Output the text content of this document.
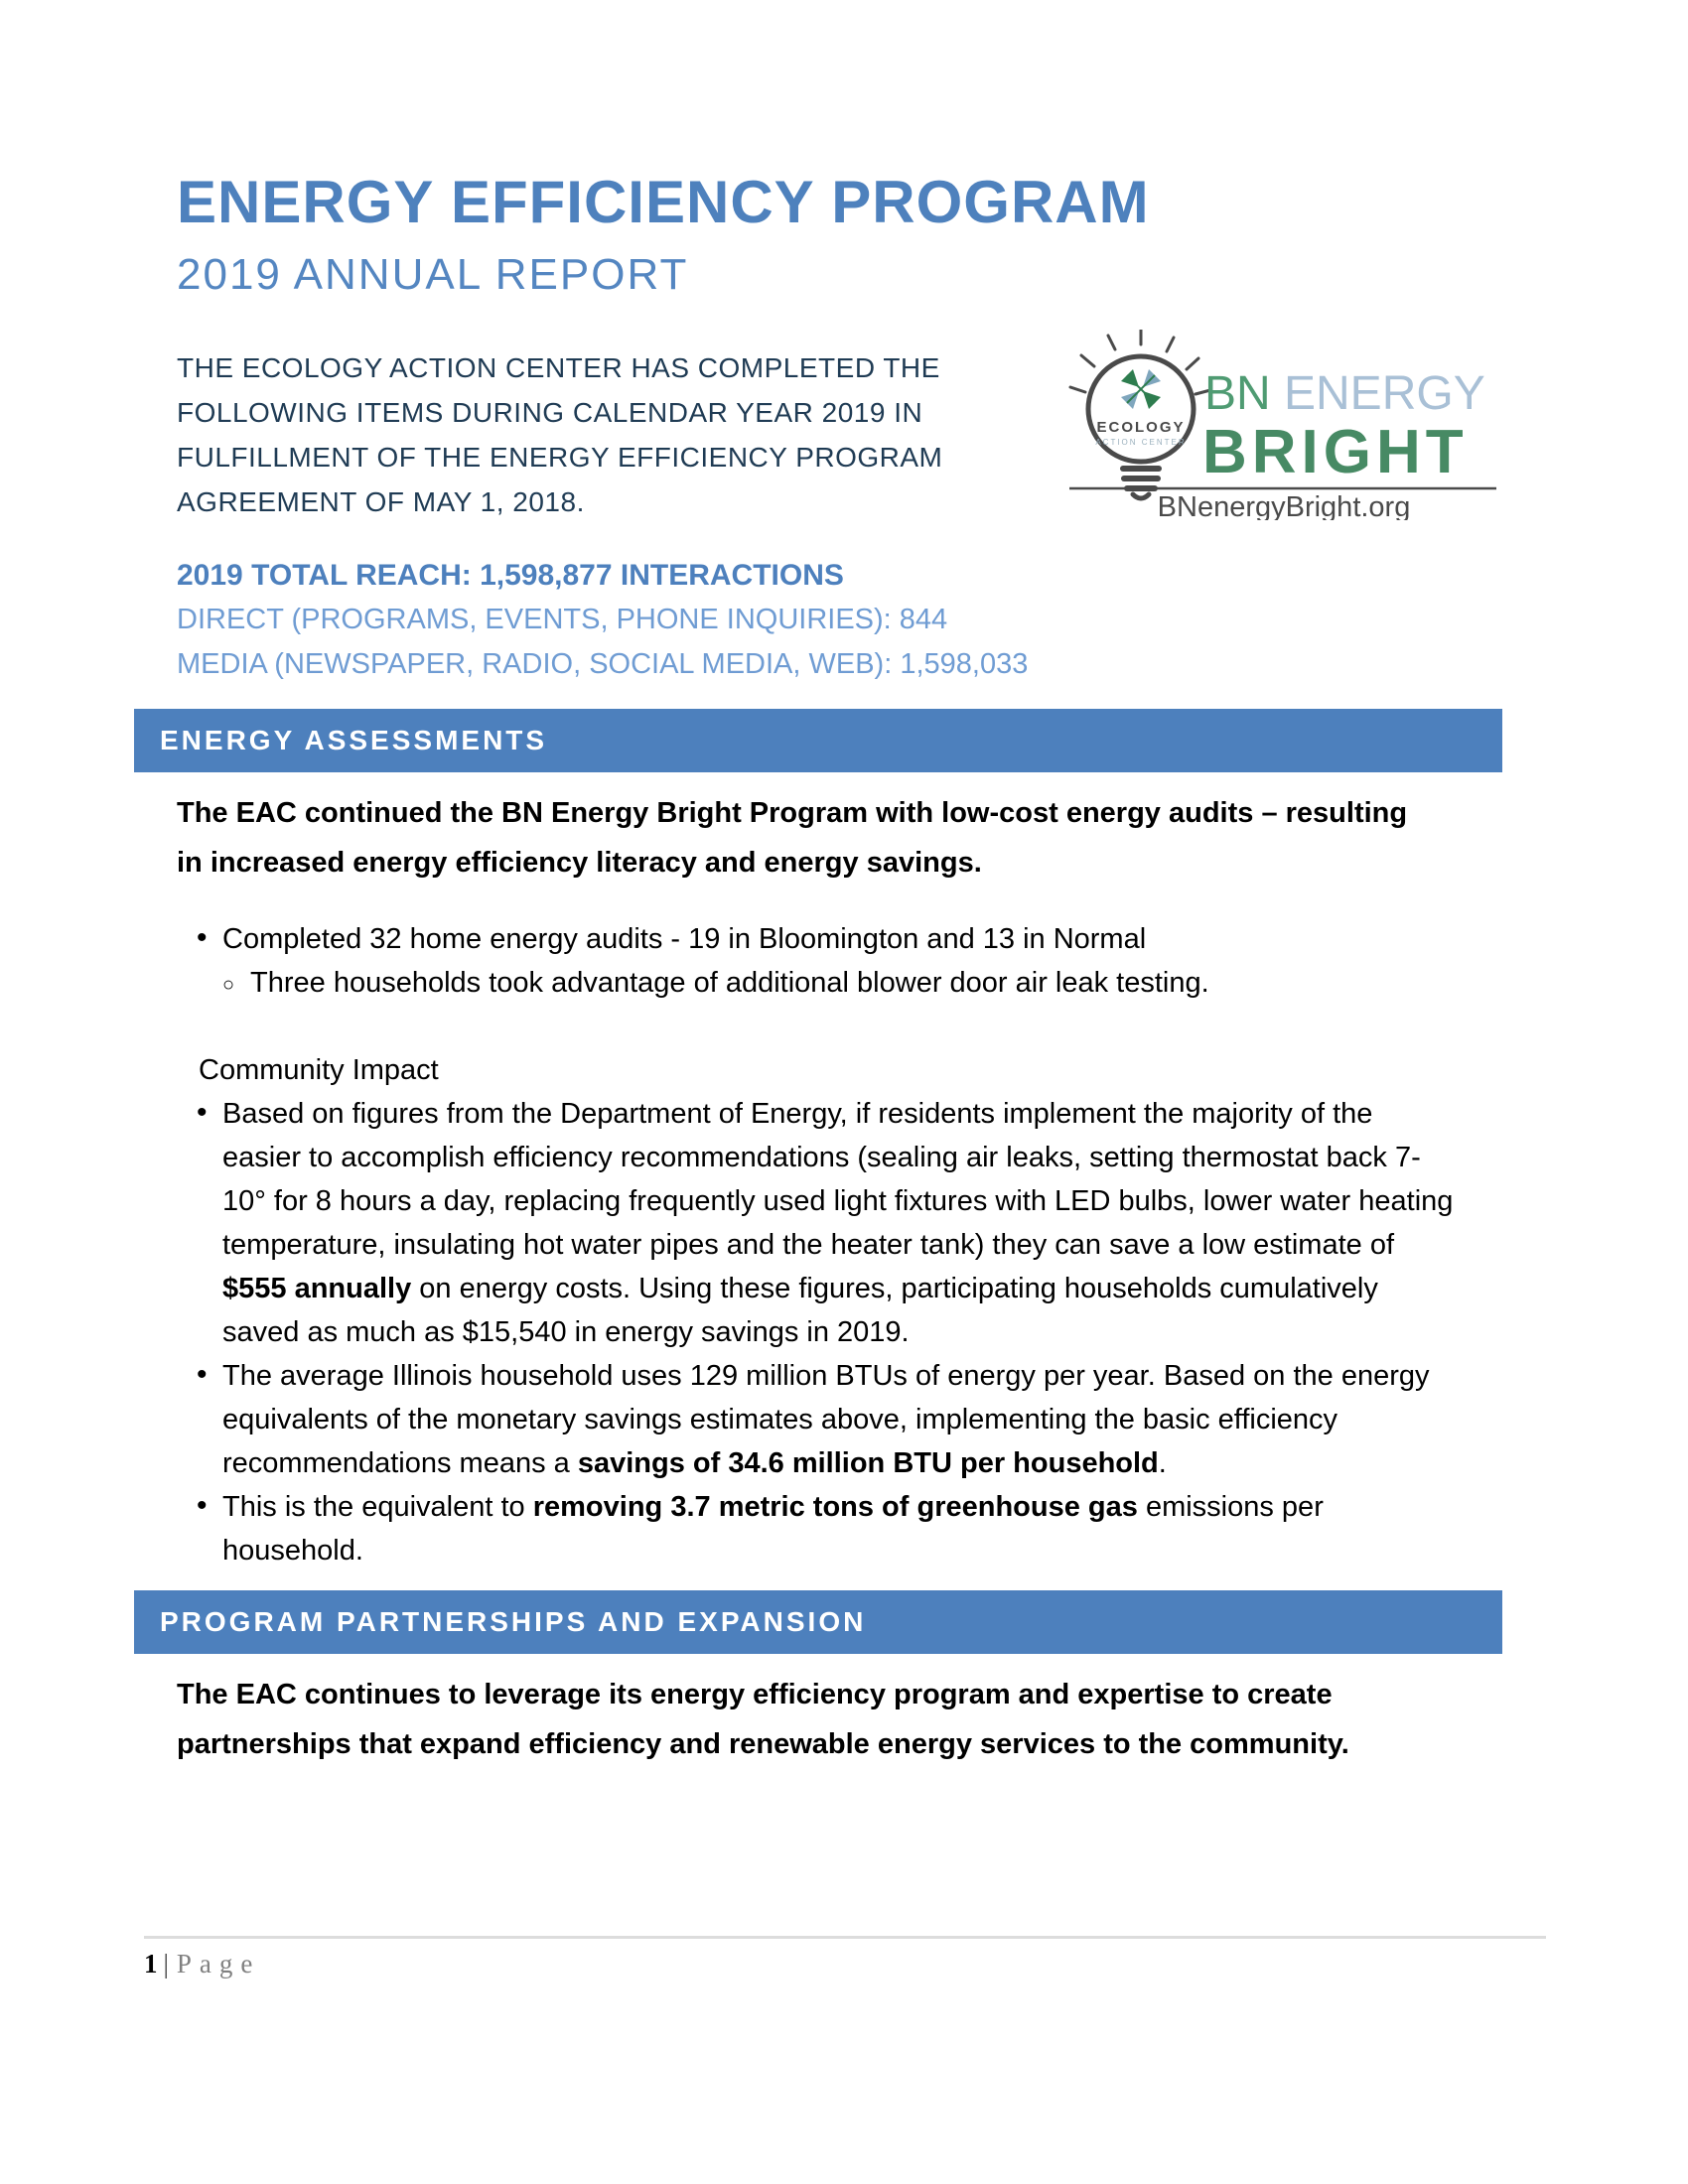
ENERGY EFFICIENCY PROGRAM
2019 ANNUAL REPORT
THE ECOLOGY ACTION CENTER HAS COMPLETED THE FOLLOWING ITEMS DURING CALENDAR YEAR 2019 IN FULFILLMENT OF THE ENERGY EFFICIENCY PROGRAM AGREEMENT OF MAY 1, 2018.
ECOLOGY
ACTION CENTER
BN ENERGY
BRIGHT
BNenergyBright.org
2019 TOTAL REACH: 1,598,877 INTERACTIONS
DIRECT (PROGRAMS, EVENTS, PHONE INQUIRIES): 844
MEDIA (NEWSPAPER, RADIO, SOCIAL MEDIA, WEB): 1,598,033
ENERGY ASSESSMENTS

The EAC continued the BN Energy Bright Program with low-cost energy audits – resulting in increased energy efficiency literacy and energy savings.

• Completed 32 home energy audits - 19 in Bloomington and 13 in Normal
○ Three households took advantage of additional blower door air leak testing.
Community Impact
• Based on figures from the Department of Energy, if residents implement the majority of the easier to accomplish efficiency recommendations (sealing air leaks, setting thermostat back 7-10° for 8 hours a day, replacing frequently used light fixtures with LED bulbs, lower water heating temperature, insulating hot water pipes and the heater tank) they can save a low estimate of $555 annually on energy costs. Using these figures, participating households cumulatively saved as much as $15,540 in energy savings in 2019.
• The average Illinois household uses 129 million BTUs of energy per year. Based on the energy equivalents of the monetary savings estimates above, implementing the basic efficiency recommendations means a savings of 34.6 million BTU per household.
• This is the equivalent to removing 3.7 metric tons of greenhouse gas emissions per household.
PROGRAM PARTNERSHIPS AND EXPANSION

The EAC continues to leverage its energy efficiency program and expertise to create partnerships that expand efficiency and renewable energy services to the community.

1 | Page
